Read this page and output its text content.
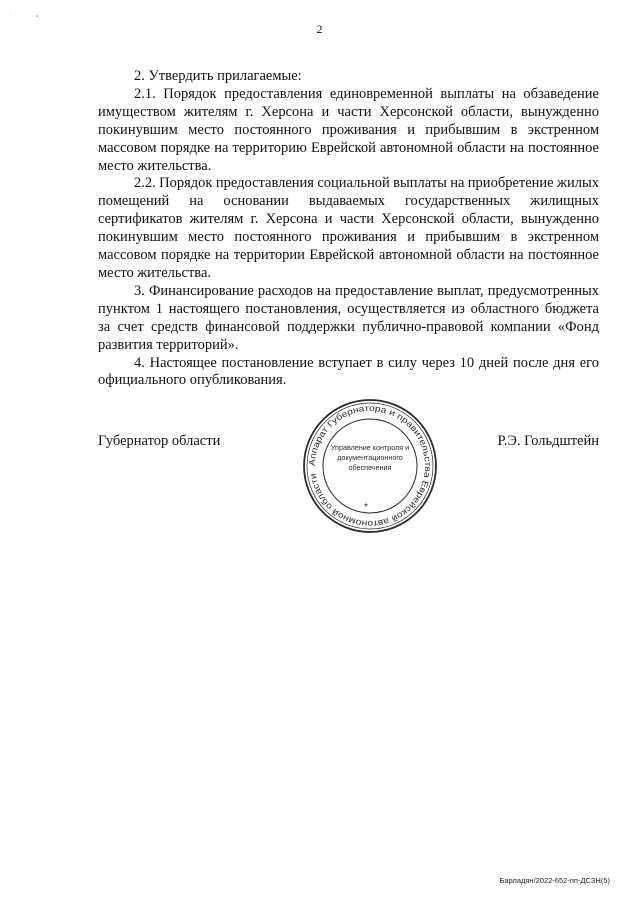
ʿ	ᵃ
2

2. Утвердить прилагаемые:

2.1. Порядок предоставления единовременной выплаты на обзаведение имуществом жителям г. Херсона и части Херсонской области, вынужденно покинувшим место постоянного проживания и прибывшим в экстренном массовом порядке на территорию Еврейской автономной области на постоянное место жительства.

2.2. Порядок предоставления социальной выплаты на приобретение жилых помещений на основании выдаваемых государственных жилищных сертификатов жителям г. Херсона и части Херсонской области, вынужденно покинувшим место постоянного проживания и прибывшим в экстренном массовом порядке на территории Еврейской автономной области на постоянное место жительства.

3. Финансирование расходов на предоставление выплат, предусмотренных пунктом 1 настоящего постановления, осуществляется из областного бюджета за счет средств финансовой поддержки публично-правовой компании «Фонд развития территорий».

4. Настоящее постановление вступает в силу через 10 дней после дня его официального опубликования.

Губернатор области	Р.Э. Гольдштейн
Аппарат Губернатора и правительства Еврейской автономной области
Управление контроля и
документационного
обеспечения
*
Барладян/2022-652-пп-ДСЗН(5)
